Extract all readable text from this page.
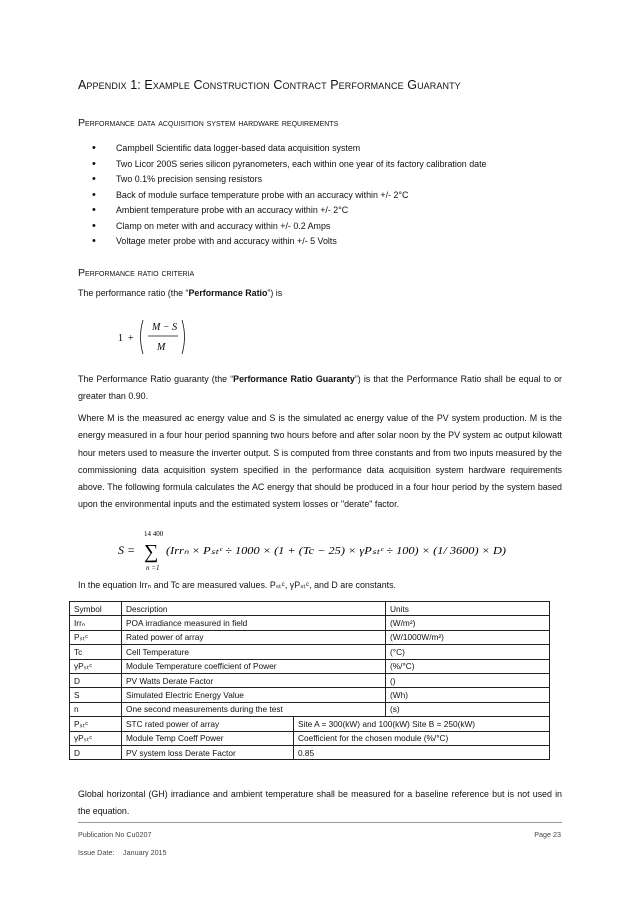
Appendix 1: Example Construction Contract Performance Guaranty
Performance data acquisition system hardware requirements
• Campbell Scientific data logger-based data acquisition system
• Two Licor 200S series silicon pyranometers, each within one year of its factory calibration date
• Two 0.1% precision sensing resistors
• Back of module surface temperature probe with an accuracy within +/- 2°C
• Ambient temperature probe with an accuracy within +/- 2°C
• Clamp on meter with and accuracy within +/- 0.2 Amps
• Voltage meter probe with and accuracy within +/- 5 Volts
Performance ratio criteria
The performance ratio (the “Performance Ratio”) is
1 +
M − S
M
The Performance Ratio guaranty (the “Performance Ratio Guaranty”) is that the Performance Ratio shall be equal to or greater than 0.90.
Where M is the measured ac energy value and S is the simulated ac energy value of the PV system production. M is the energy measured in a four hour period spanning two hours before and after solar noon by the PV system ac output kilowatt hour meters used to measure the inverter output. S is computed from three constants and from two inputs measured by the commissioning data acquisition system specified in the performance data acquisition system hardware requirements above. The following formula calculates the AC energy that should be produced in a four hour period by the system based upon the environmental inputs and the estimated system losses or "derate" factor.
S =
14 400
∑
n =1
(Irrₙ × Pₛₜᶜ ÷ 1000 × (1 + (Tc − 25) × γPₛₜᶜ ÷ 100) × (1/ 3600) × D)
In the equation Irrₙ and Tc are measured values. Pₛₜᶜ, γPₛₜᶜ, and D are constants.
Symbol	Description		Units
Irrₙ	POA irradiance measured in field		(W/m²)
Pₛₜᶜ	Rated power of array		(W/1000W/m²)
Tc	Cell Temperature		(°C)
γPₛₜᶜ	Module Temperature coefficient of Power		(%/°C)
D	PV Watts Derate Factor		()
S	Simulated Electric Energy Value		(Wh)
n	One second measurements during the test		(s)
Pₛₜᶜ	STC rated power of array	Site A = 300(kW) and 100(kW) Site B = 250(kW)	
γPₛₜᶜ	Module Temp Coeff Power	Coefficient for the chosen module (%/°C)	
D	PV system loss Derate Factor	0.85	
Global horizontal (GH) irradiance and ambient temperature shall be measured for a baseline reference but is not used in the equation.
Publication No Cu0207	Page 23
Issue Date: January 2015
